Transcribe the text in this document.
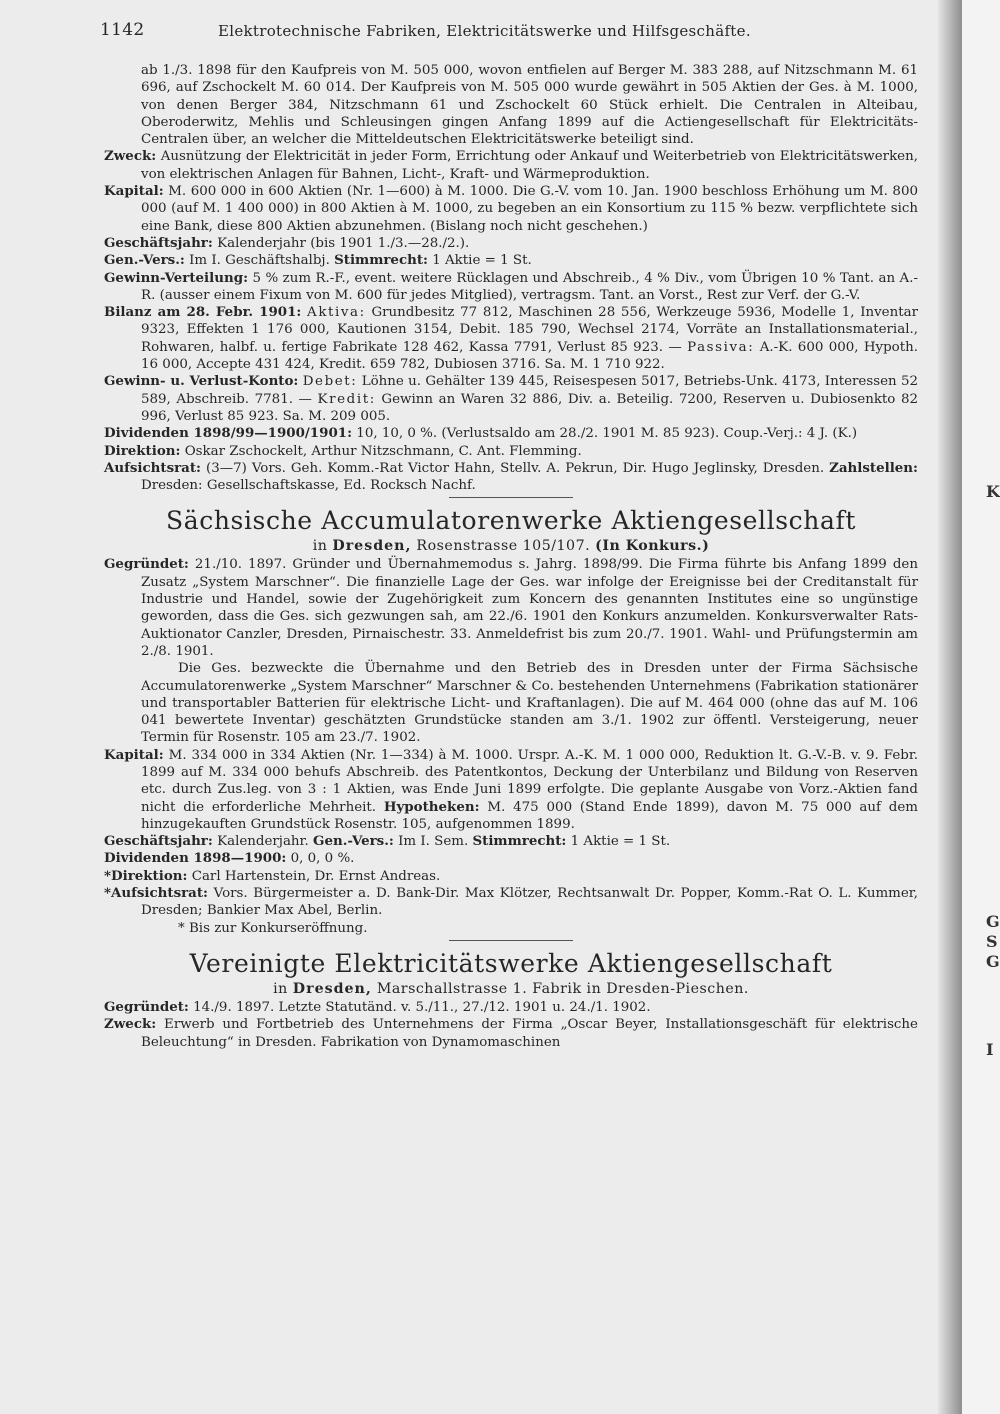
K
G
S
G
I
1142	Elektrotechnische Fabriken, Elektricitätswerke und Hilfsgeschäfte.

ab 1./3. 1898 für den Kaufpreis von M. 505 000, wovon entfielen auf Berger M. 383 288, auf Nitzschmann M. 61 696, auf Zschockelt M. 60 014. Der Kaufpreis von M. 505 000 wurde gewährt in 505 Aktien der Ges. à M. 1000, von denen Berger 384, Nitzschmann 61 und Zschockelt 60 Stück erhielt. Die Centralen in Alteibau, Oberoderwitz, Mehlis und Schleusingen gingen Anfang 1899 auf die Actiengesellschaft für Elektricitäts-Centralen über, an welcher die Mitteldeutschen Elektricitätswerke beteiligt sind.

Zweck: Ausnützung der Elektricität in jeder Form, Errichtung oder Ankauf und Weiterbetrieb von Elektricitätswerken, von elektrischen Anlagen für Bahnen, Licht-, Kraft- und Wärmeproduktion.

Kapital: M. 600 000 in 600 Aktien (Nr. 1—600) à M. 1000. Die G.-V. vom 10. Jan. 1900 beschloss Erhöhung um M. 800 000 (auf M. 1 400 000) in 800 Aktien à M. 1000, zu begeben an ein Konsortium zu 115 % bezw. verpflichtete sich eine Bank, diese 800 Aktien abzunehmen. (Bislang noch nicht geschehen.)

Geschäftsjahr: Kalenderjahr (bis 1901 1./3.—28./2.).

Gen.-Vers.: Im I. Geschäftshalbj. Stimmrecht: 1 Aktie = 1 St.

Gewinn-Verteilung: 5 % zum R.-F., event. weitere Rücklagen und Abschreib., 4 % Div., vom Übrigen 10 % Tant. an A.-R. (ausser einem Fixum von M. 600 für jedes Mitglied), vertragsm. Tant. an Vorst., Rest zur Verf. der G.-V.

Bilanz am 28. Febr. 1901: Aktiva: Grundbesitz 77 812, Maschinen 28 556, Werkzeuge 5936, Modelle 1, Inventar 9323, Effekten 1 176 000, Kautionen 3154, Debit. 185 790, Wechsel 2174, Vorräte an Installationsmaterial., Rohwaren, halbf. u. fertige Fabrikate 128 462, Kassa 7791, Verlust 85 923. — Passiva: A.-K. 600 000, Hypoth. 16 000, Accepte 431 424, Kredit. 659 782, Dubiosen 3716. Sa. M. 1 710 922.

Gewinn- u. Verlust-Konto: Debet: Löhne u. Gehälter 139 445, Reisespesen 5017, Betriebs-Unk. 4173, Interessen 52 589, Abschreib. 7781. — Kredit: Gewinn an Waren 32 886, Div. a. Beteilig. 7200, Reserven u. Dubiosenkto 82 996, Verlust 85 923. Sa. M. 209 005.

Dividenden 1898/99—1900/1901: 10, 10, 0 %. (Verlustsaldo am 28./2. 1901 M. 85 923). Coup.-Verj.: 4 J. (K.)

Direktion: Oskar Zschockelt, Arthur Nitzschmann, C. Ant. Flemming.

Aufsichtsrat: (3—7) Vors. Geh. Komm.-Rat Victor Hahn, Stellv. A. Pekrun, Dir. Hugo Jeglinsky, Dresden. Zahlstellen: Dresden: Gesellschaftskasse, Ed. Rocksch Nachf.

Sächsische Accumulatorenwerke Aktiengesellschaft

in Dresden, Rosenstrasse 105/107. (In Konkurs.)

Gegründet: 21./10. 1897. Gründer und Übernahmemodus s. Jahrg. 1898/99. Die Firma führte bis Anfang 1899 den Zusatz „System Marschner“. Die finanzielle Lage der Ges. war infolge der Ereignisse bei der Creditanstalt für Industrie und Handel, sowie der Zugehörigkeit zum Koncern des genannten Institutes eine so ungünstige geworden, dass die Ges. sich gezwungen sah, am 22./6. 1901 den Konkurs anzumelden. Konkursverwalter Rats-Auktionator Canzler, Dresden, Pirnaischestr. 33. Anmeldefrist bis zum 20./7. 1901. Wahl- und Prüfungstermin am 2./8. 1901.

Die Ges. bezweckte die Übernahme und den Betrieb des in Dresden unter der Firma Sächsische Accumulatorenwerke „System Marschner“ Marschner & Co. bestehenden Unternehmens (Fabrikation stationärer und transportabler Batterien für elektrische Licht- und Kraftanlagen). Die auf M. 464 000 (ohne das auf M. 106 041 bewertete Inventar) geschätzten Grundstücke standen am 3./1. 1902 zur öffentl. Versteigerung, neuer Termin für Rosenstr. 105 am 23./7. 1902.

Kapital: M. 334 000 in 334 Aktien (Nr. 1—334) à M. 1000. Urspr. A.-K. M. 1 000 000, Reduktion lt. G.-V.-B. v. 9. Febr. 1899 auf M. 334 000 behufs Abschreib. des Patentkontos, Deckung der Unterbilanz und Bildung von Reserven etc. durch Zus.leg. von 3 : 1 Aktien, was Ende Juni 1899 erfolgte. Die geplante Ausgabe von Vorz.-Aktien fand nicht die erforderliche Mehrheit. Hypotheken: M. 475 000 (Stand Ende 1899), davon M. 75 000 auf dem hinzugekauften Grundstück Rosenstr. 105, aufgenommen 1899.

Geschäftsjahr: Kalenderjahr. Gen.-Vers.: Im I. Sem. Stimmrecht: 1 Aktie = 1 St.

Dividenden 1898—1900: 0, 0, 0 %.

*Direktion: Carl Hartenstein, Dr. Ernst Andreas.

*Aufsichtsrat: Vors. Bürgermeister a. D. Bank-Dir. Max Klötzer, Rechtsanwalt Dr. Popper, Komm.-Rat O. L. Kummer, Dresden; Bankier Max Abel, Berlin.

* Bis zur Konkurseröffnung.

Vereinigte Elektricitätswerke Aktiengesellschaft

in Dresden, Marschallstrasse 1. Fabrik in Dresden-Pieschen.

Gegründet: 14./9. 1897. Letzte Statutänd. v. 5./11., 27./12. 1901 u. 24./1. 1902.

Zweck: Erwerb und Fortbetrieb des Unternehmens der Firma „Oscar Beyer, Installationsgeschäft für elektrische Beleuchtung“ in Dresden. Fabrikation von Dynamomaschinen
